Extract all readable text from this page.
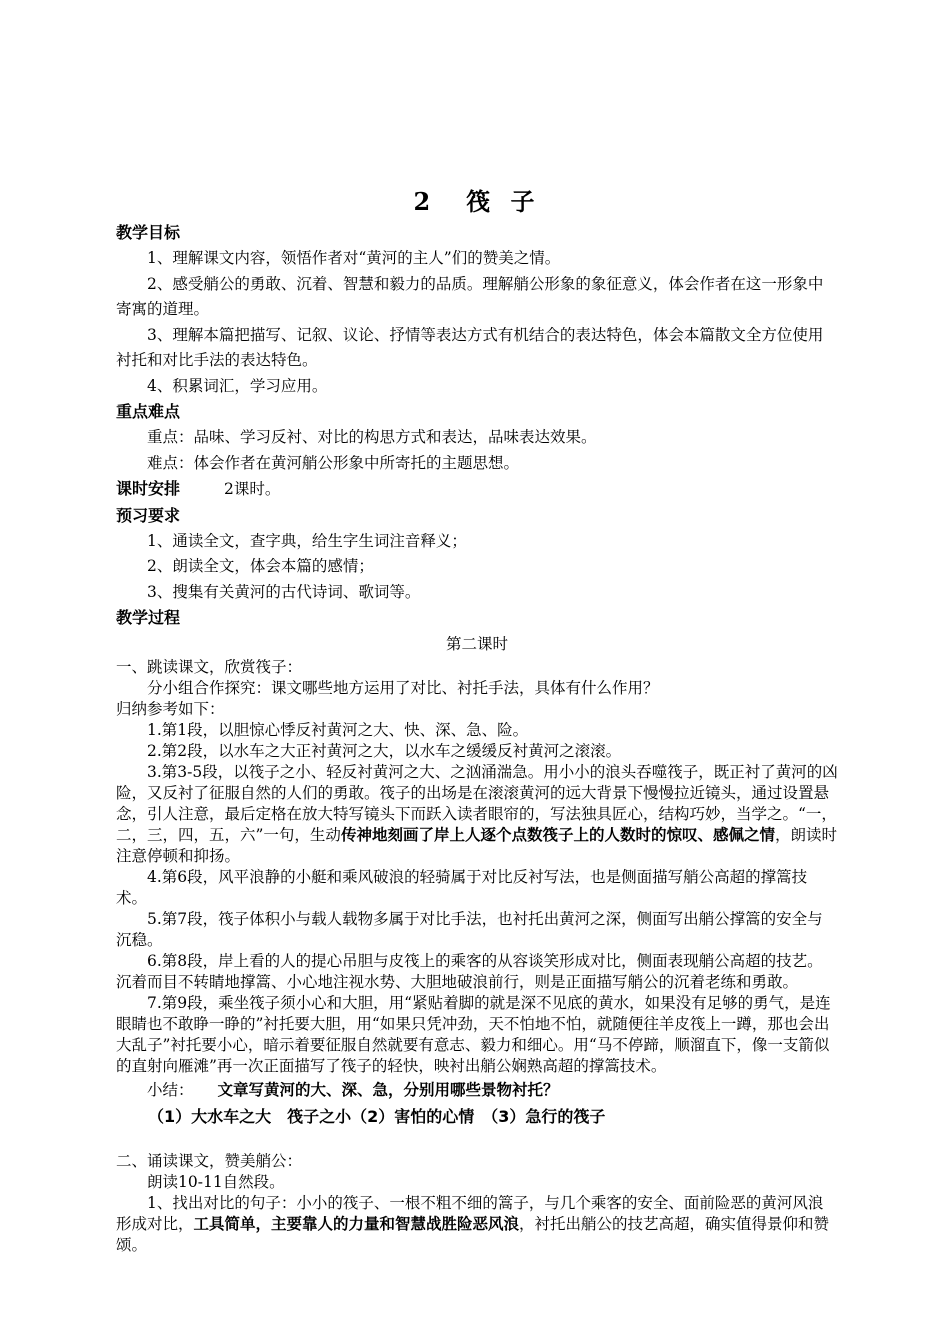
2　筏 子

教学目标

1、理解课文内容，领悟作者对“黄河的主人”们的赞美之情。

2、感受艄公的勇敢、沉着、智慧和毅力的品质。理解艄公形象的象征意义，体会作者在这一形象中寄寓的道理。

3、理解本篇把描写、记叙、议论、抒情等表达方式有机结合的表达特色，体会本篇散文全方位使用衬托和对比手法的表达特色。

4、积累词汇，学习应用。

重点难点

重点：品味、学习反衬、对比的构思方式和表达，品味表达效果。

难点：体会作者在黄河艄公形象中所寄托的主题思想。

课时安排	2课时。

预习要求

1、通读全文，查字典，给生字生词注音释义；

2、朗读全文，体会本篇的感情；

3、搜集有关黄河的古代诗词、歌词等。

教学过程

第二课时

一、跳读课文，欣赏筏子：

分小组合作探究：课文哪些地方运用了对比、衬托手法，具体有什么作用？

归纳参考如下：

1.第1段，以胆惊心悸反衬黄河之大、快、深、急、险。

2.第2段，以水车之大正衬黄河之大，以水车之缓缓反衬黄河之滚滚。

3.第3-5段，以筏子之小、轻反衬黄河之大、之汹涌湍急。用小小的浪头吞噬筏子，既正衬了黄河的凶险，又反衬了征服自然的人们的勇敢。筏子的出场是在滚滚黄河的远大背景下慢慢拉近镜头，通过设置悬念，引人注意，最后定格在放大特写镜头下而跃入读者眼帘的，写法独具匠心，结构巧妙，当学之。“一，二，三，四，五，六”一句，生动传神地刻画了岸上人逐个点数筏子上的人数时的惊叹、感佩之情，朗读时注意停顿和抑扬。

4.第6段，风平浪静的小艇和乘风破浪的轻骑属于对比反衬写法，也是侧面描写艄公高超的撑篙技术。

5.第7段，筏子体积小与载人载物多属于对比手法，也衬托出黄河之深，侧面写出艄公撑篙的安全与沉稳。

6.第8段，岸上看的人的提心吊胆与皮筏上的乘客的从容谈笑形成对比，侧面表现艄公高超的技艺。沉着而目不转睛地撑篙、小心地注视水势、大胆地破浪前行，则是正面描写艄公的沉着老练和勇敢。

7.第9段，乘坐筏子须小心和大胆，用“紧贴着脚的就是深不见底的黄水，如果没有足够的勇气，是连眼睛也不敢睁一睁的”衬托要大胆，用“如果只凭冲劲，天不怕地不怕，就随便往羊皮筏上一蹲，那也会出大乱子”衬托要小心，暗示着要征服自然就要有意志、毅力和细心。用“马不停蹄，顺溜直下，像一支箭似的直射向雁滩”再一次正面描写了筏子的轻快，映衬出艄公娴熟高超的撑篙技术。

小结： 文章写黄河的大、深、急，分别用哪些景物衬托？

（1）大水车之大　筏子之小（2）害怕的心情　（3）急行的筏子

二、诵读课文，赞美艄公：

朗读10-11自然段。

1、找出对比的句子：小小的筏子、一根不粗不细的篙子，与几个乘客的安全、面前险恶的黄河风浪形成对比，工具简单，主要靠人的力量和智慧战胜险恶风浪，衬托出艄公的技艺高超，确实值得景仰和赞颂。
